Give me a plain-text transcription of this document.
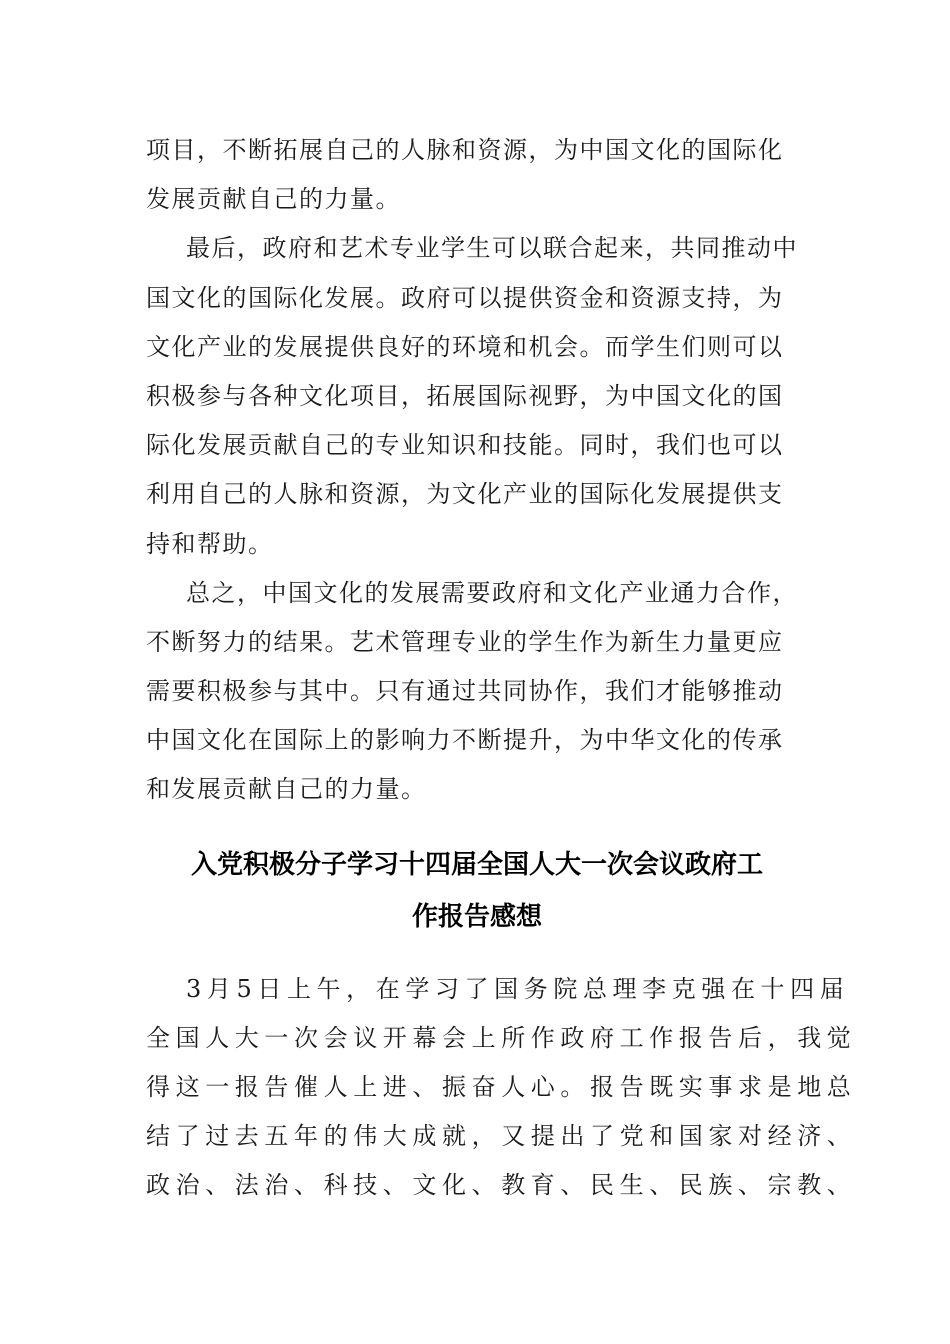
项目，不断拓展自己的人脉和资源，为中国文化的国际化
发展贡献自己的力量。
最后，政府和艺术专业学生可以联合起来，共同推动中
国文化的国际化发展。政府可以提供资金和资源支持，为
文化产业的发展提供良好的环境和机会。而学生们则可以
积极参与各种文化项目，拓展国际视野，为中国文化的国
际化发展贡献自己的专业知识和技能。同时，我们也可以
利用自己的人脉和资源，为文化产业的国际化发展提供支
持和帮助。
总之，中国文化的发展需要政府和文化产业通力合作，
不断努力的结果。艺术管理专业的学生作为新生力量更应
需要积极参与其中。只有通过共同协作，我们才能够推动
中国文化在国际上的影响力不断提升，为中华文化的传承
和发展贡献自己的力量。
入党积极分子学习十四届全国人大一次会议政府工
作报告感想
3月5日上午，在学习了国务院总理李克强在十四届
全国人大一次会议开幕会上所作政府工作报告后，我觉
得这一报告催人上进、振奋人心。报告既实事求是地总
结了过去五年的伟大成就，又提出了党和国家对经济、
政治、法治、科技、文化、教育、民生、民族、宗教、
